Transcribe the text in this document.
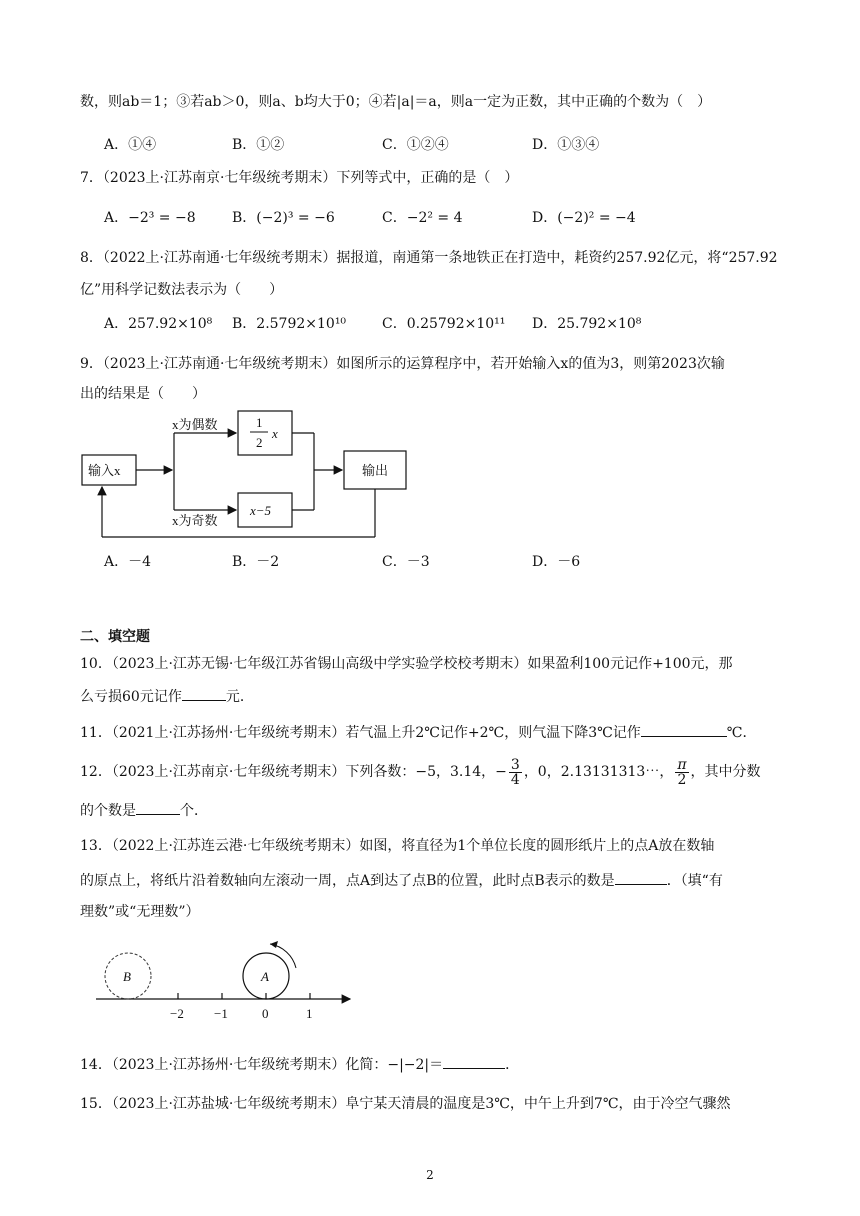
数，则ab＝1；③若ab＞0，则a、b均大于0；④若|a|＝a，则a一定为正数，其中正确的个数为（　）
A．①④	B．①②	C．①②④	D．①③④
7．（2023上·江苏南京·七年级统考期末）下列等式中，正确的是（　）
A．−2³ = −8	B．(−2)³ = −6	C．−2² = 4	D．(−2)² = −4
8．（2022上·江苏南通·七年级统考期末）据报道，南通第一条地铁正在打造中，耗资约257.92亿元，将“257.92
亿”用科学记数法表示为（　　）
A．257.92×10⁸ B．2.5792×10¹⁰	C．0.25792×10¹¹ D．25.792×10⁸
9．（2023上·江苏南通·七年级统考期末）如图所示的运算程序中，若开始输入x的值为3，则第2023次输
出的结果是（　　）
输入x
x为偶数
x为奇数
1
2
x
x−5
输出
A．－4	B．－2	C．－3	D．－6
二、填空题
10．（2023上·江苏无锡·七年级江苏省锡山高级中学实验学校校考期末）如果盈利100元记作+100元，那
么亏损60元记作	元．
11．（2021上·江苏扬州·七年级统考期末）若气温上升2℃记作+2℃，则气温下降3℃记作	℃．
12．（2023上·江苏南京·七年级统考期末）下列各数：−5，3.14，− $\frac{3}{4}$ ，0，2.13131313⋯， $\frac{\pi}{2}$ ，其中分数
的个数是	个．
13．（2022上·江苏连云港·七年级统考期末）如图，将直径为1个单位长度的圆形纸片上的点A放在数轴
的原点上，将纸片沿着数轴向左滚动一周，点A到达了点B的位置，此时点B表示的数是	．（填“有
理数”或“无理数”）
B	A
−2 −1	0	1
14．（2023上·江苏扬州·七年级统考期末）化简：−|−2|＝	．
15．（2023上·江苏盐城·七年级统考期末）阜宁某天清晨的温度是3℃，中午上升到7℃，由于冷空气骤然
2
